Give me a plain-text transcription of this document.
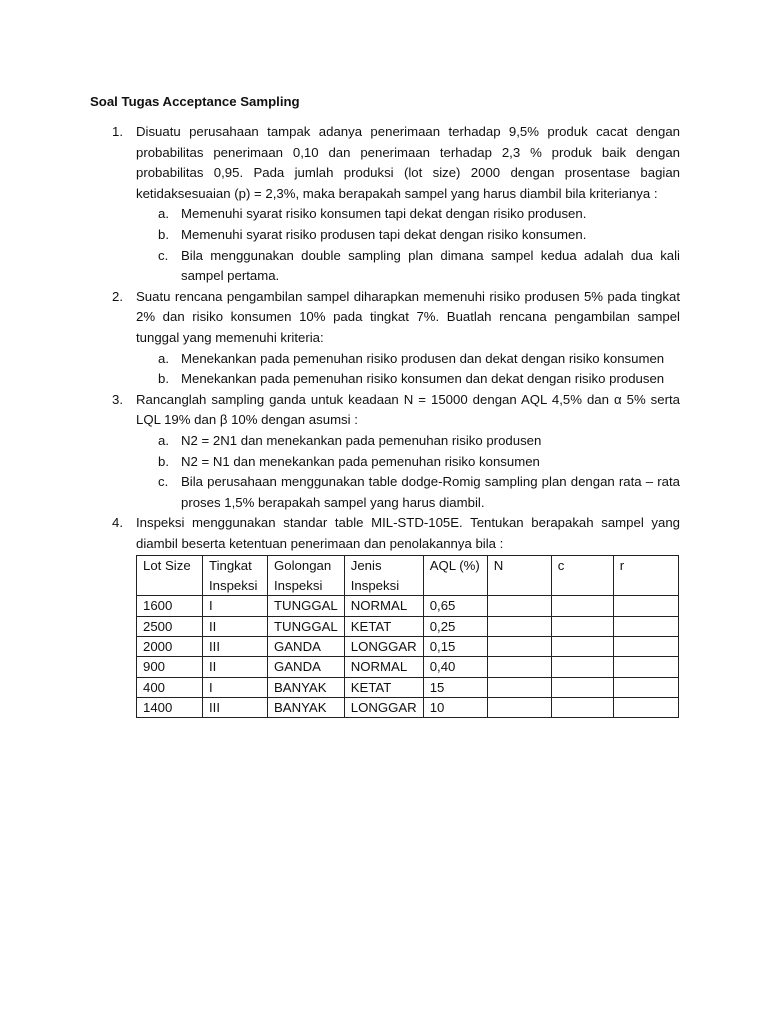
Soal Tugas Acceptance Sampling
1. Disuatu perusahaan tampak adanya penerimaan terhadap 9,5% produk cacat dengan probabilitas penerimaan 0,10 dan penerimaan terhadap 2,3 % produk baik dengan probabilitas 0,95. Pada jumlah produksi (lot size) 2000 dengan prosentase bagian ketidaksesuaian (p) = 2,3%, maka berapakah sampel yang harus diambil bila kriterianya :

a. Memenuhi syarat risiko konsumen tapi dekat dengan risiko produsen.

b. Memenuhi syarat risiko produsen tapi dekat dengan risiko konsumen.

c. Bila menggunakan double sampling plan dimana sampel kedua adalah dua kali sampel pertama.

2. Suatu rencana pengambilan sampel diharapkan memenuhi risiko produsen 5% pada tingkat 2% dan risiko konsumen 10% pada tingkat 7%. Buatlah rencana pengambilan sampel tunggal yang memenuhi kriteria:

a. Menekankan pada pemenuhan risiko produsen dan dekat dengan risiko konsumen

b. Menekankan pada pemenuhan risiko konsumen dan dekat dengan risiko produsen

3. Rancanglah sampling ganda untuk keadaan N = 15000 dengan AQL 4,5% dan α 5% serta LQL 19% dan β 10% dengan asumsi :

a. N2 = 2N1 dan menekankan pada pemenuhan risiko produsen

b. N2 = N1 dan menekankan pada pemenuhan risiko konsumen

c. Bila perusahaan menggunakan table dodge-Romig sampling plan dengan rata – rata proses 1,5% berapakah sampel yang harus diambil.

4. Inspeksi menggunakan standar table MIL-STD-105E. Tentukan berapakah sampel yang diambil beserta ketentuan penerimaan dan penolakannya bila :

Lot Size	Tingkat Inspeksi	Golongan Inspeksi	Jenis Inspeksi	AQL (%)	N	c	r
1600	I	TUNGGAL	NORMAL	0,65			
2500	II	TUNGGAL	KETAT	0,25			
2000	III	GANDA	LONGGAR	0,15			
900	II	GANDA	NORMAL	0,40			
400	I	BANYAK	KETAT	15			
1400	III	BANYAK	LONGGAR	10			
